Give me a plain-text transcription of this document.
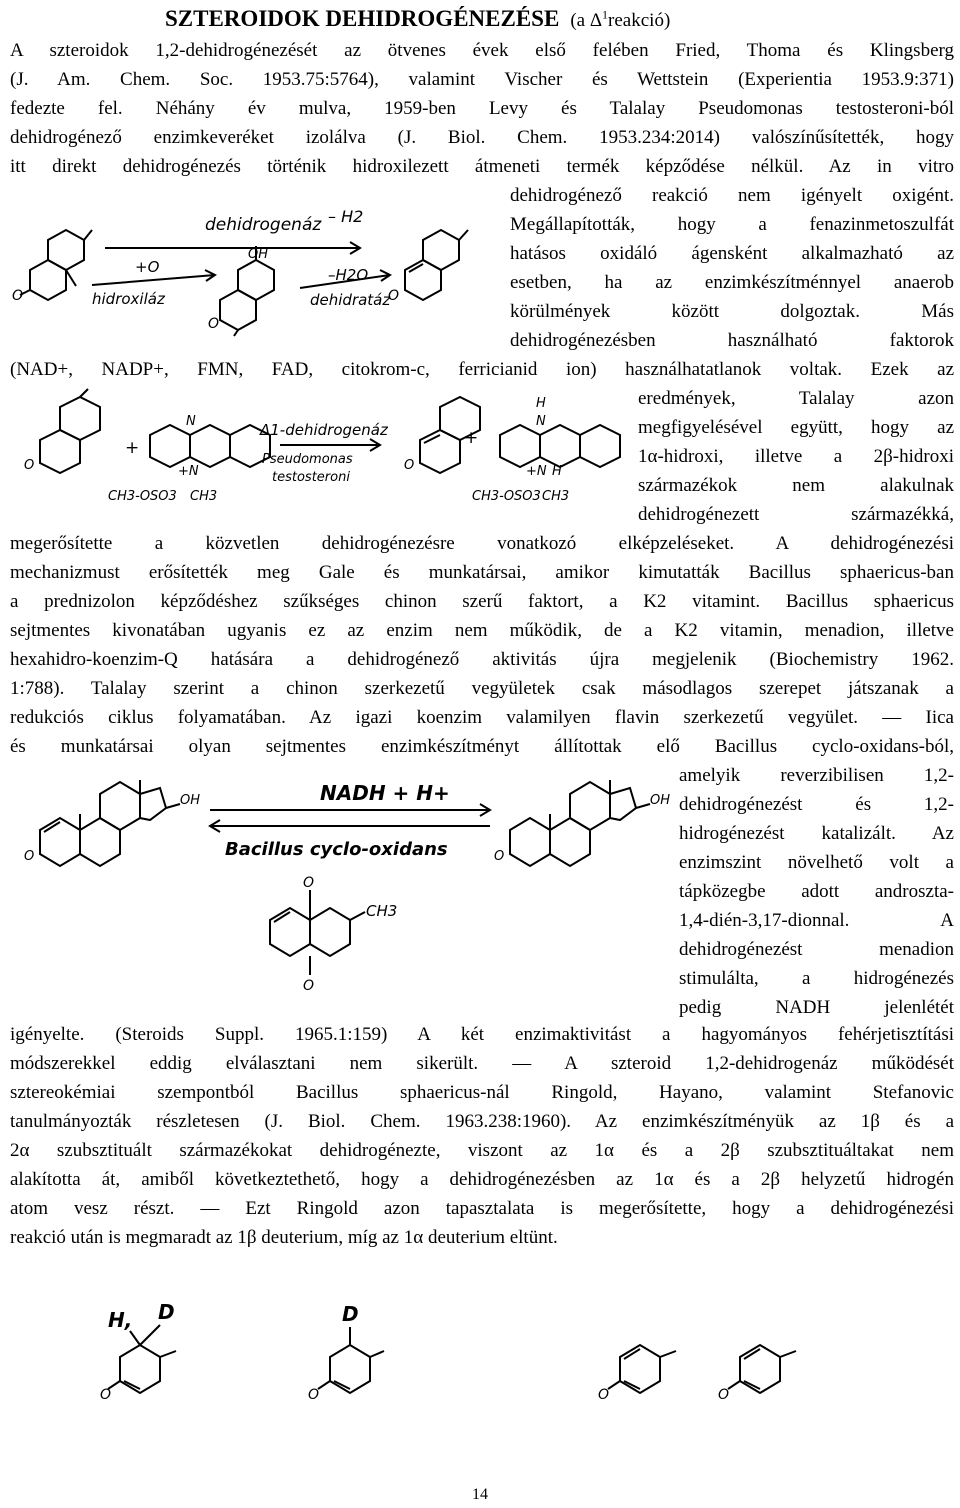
SZTEROIDOK DEHIDROGÉNEZÉSE (a $\Delta^1reakció$)
A szteroidok 1,2-dehidrogénezését az ötvenes évek első felében Fried, Thoma és Klingsberg
(J. Am. Chem. Soc. 1953.75:5764), valamint Vischer és Wettstein (Experientia 1953.9:371)
fedezte fel. Néhány év mulva, 1959-ben Levy és Talalay Pseudomonas testosteroni-ból
dehidrogénező enzimkeveréket izolálva (J. Biol. Chem. 1953.234:2014) valószínűsítették, hogy
itt direkt dehidrogénezés történik hidroxilezett átmeneti termék képződése nélkül. Az in vitro
dehidrogénező reakció nem igényelt oxigént.
Megállapították, hogy a fenazinmetoszulfát
hatásos oxidáló ágensként alkalmazható az
esetben, ha az enzimkészítménnyel anaerob
körülmények között dolgoztak. Más
dehidrogénezésben használható faktorok
dehidrogenáz – H2
+O
hidroxiláz
OH
–H2O
dehidratáz
O
O
O
(NAD+, NADP+, FMN, FAD, citokrom-c, ferricianid ion) használhatatlanok voltak. Ezek az
eredmények, Talalay azon
megfigyelésével együtt, hogy az
1α-hidroxi, illetve a 2β-hidroxi
származékok nem alakulnak
dehidrogénezett származékká,
+	+
N
+N
CH3-OSO3 CH3
Δ1-dehidrogenáz
Pseudomonas
testosteroni
H
N
+N H
CH3-OSO3 CH3
O	O
megerősítette a közvetlen dehidrogénezésre vonatkozó elképzeléseket. A dehidrogénezési
mechanizmust erősítették meg Gale és munkatársai, amikor kimutatták Bacillus sphaericus-ban
a prednizolon képződéshez szűkséges chinon szerű faktort, a K2 vitamint. Bacillus sphaericus
sejtmentes kivonatában ugyanis ez az enzim nem működik, de a K2 vitamin, menadion, illetve
hexahidro-koenzim-Q hatására a dehidrogénező aktivitás újra megjelenik (Biochemistry 1962.
1:788). Talalay szerint a chinon szerkezetű vegyületek csak másodlagos szerepet játszanak a
redukciós ciklus folyamatában. Az igazi koenzim valamilyen flavin szerkezetű vegyület. — Iica
és munkatársai olyan sejtmentes enzimkészítményt állítottak elő Bacillus cyclo-oxidans-ból,
amelyik reverzibilisen 1,2-
dehidrogénezést és 1,2-
hidrogénezést katalizált. Az
enzimszint növelhető volt a
tápközegbe adott androszta-
1,4-dién-3,17-dionnal. A
dehidrogénezést menadion
stimulálta, a hidrogénezés
pedig NADH jelenlétét
NADH + H+
Bacillus cyclo-oxidans
OH	OH
CH3
O
O
O	O
igényelte. (Steroids Suppl. 1965.1:159) A két enzimaktivitást a hagyományos fehérjetisztítási
módszerekkel eddig elválasztani nem sikerült. — A szteroid 1,2-dehidrogenáz működését
sztereokémiai szempontból Bacillus sphaericus-nál Ringold, Hayano, valamint Stefanovic
tanulmányozták részletesen (J. Biol. Chem. 1963.238:1960). Az enzimkészítményük az 1β és a
2α szubsztituált származékokat dehidrogénezte, viszont az 1α és a 2β szubsztituáltakat nem
alakította át, amiből következtethető, hogy a dehidrogénezésben az 1α és a 2β helyzetű hidrogén
atom vesz részt. — Ezt Ringold azon tapasztalata is megerősítette, hogy a dehidrogénezési
reakció után is megmaradt az 1β deuterium, míg az 1α deuterium eltünt.
H, D	D
O	O	O	O
14
